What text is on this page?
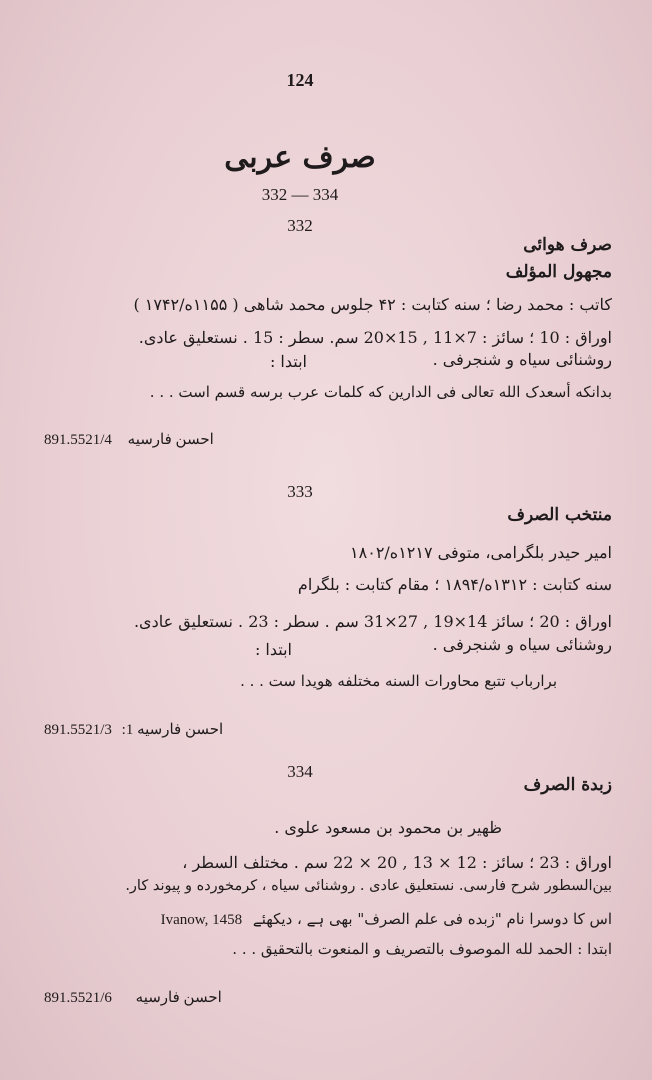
124
صرف عربی
332 — 334
332
صرف هوائی
مجهول المؤلف
کاتب : محمد رضا ؛ سنه کتابت : ۴۲ جلوس محمد شاهی ( ۱۱۵۵ه/۱۷۴۲ )
اوراق : 10 ؛ سائز : 7×11 , 15×20 سم. سطر : 15 . نستعلیق عادی.
روشنائی سیاه و شنجرفی .
ابتدا :
بدانکه أسعدک الله تعالی فی الدارین که کلمات عرب برسه قسم است . . .
891.5521/4 احسن فارسیه
333
منتخب الصرف
امیر حیدر بلگرامی، متوفی ۱۲۱۷ه/۱۸۰۲
سنه کتابت : ۱۳۱۲ه/۱۸۹۴ ؛ مقام کتابت : بلگرام
اوراق : 20 ؛ سائز 14×19 , 27×31 سم . سطر : 23 . نستعلیق عادی.
روشنائی سیاه و شنجرفی .
ابتدا :
برارباب تتبع محاورات السنه مختلفه هویدا ست . . .
891.5521/3 احسن فارسیه 1:
334
زبدة الصرف
ظهیر بن محمود بن مسعود علوی .
اوراق : 23 ؛ سائز : 12 × 13 , 20 × 22 سم . مختلف السطر ،
بین‌السطور شرح فارسی. نستعلیق عادی . روشنائی سیاه ، کرمخورده و پیوند کار.
اس کا دوسرا نام "زبده فی علم الصرف" بهی ہے ، دیکھئے Ivanow, 1458
ابتدا : الحمد لله الموصوف بالتصریف و المنعوت بالتحقیق . . .
891.5521/6 احسن فارسیه
